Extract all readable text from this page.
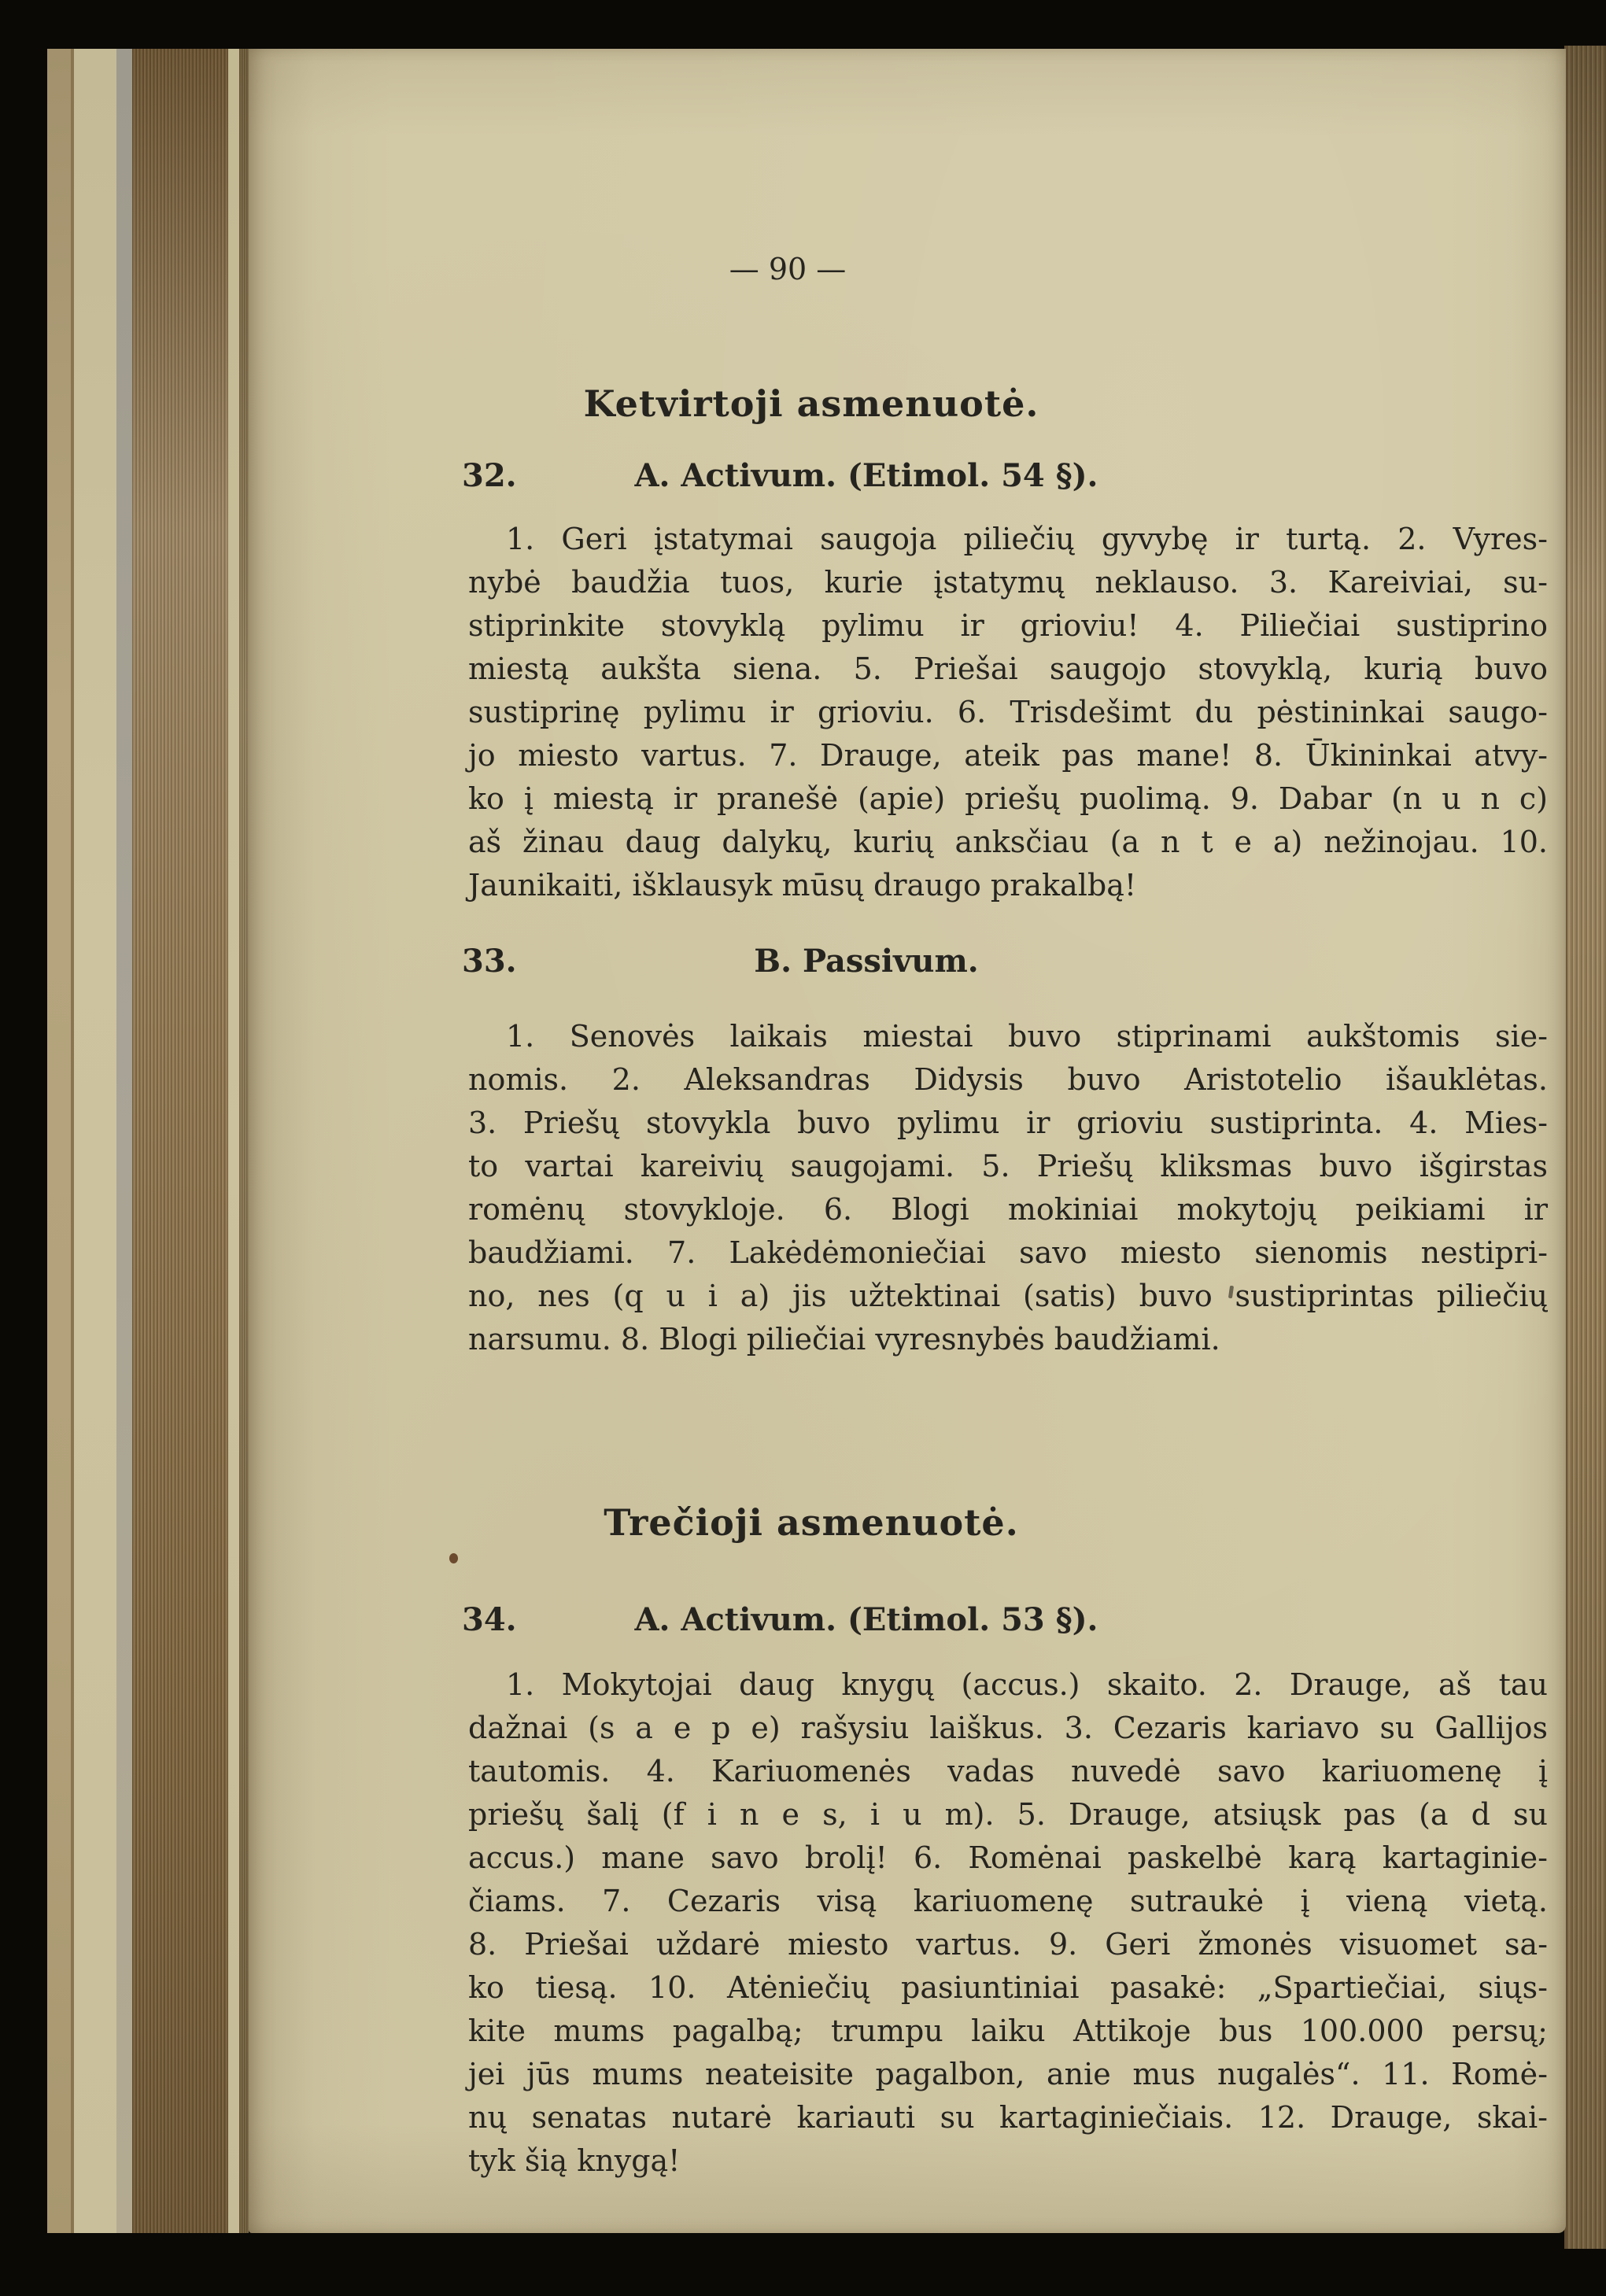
— 90 —
Ketvirtoji asmenuotė.
32.	A. Activum. (Etimol. 54 §).
1. Geri įstatymai saugoja piliečių gyvybę ir turtą. 2. Vyres-
nybė baudžia tuos, kurie įstatymų neklauso. 3. Kareiviai, su-
stiprinkite stovyklą pylimu ir grioviu! 4. Piliečiai sustiprino
miestą aukšta siena. 5. Priešai saugojo stovyklą, kurią buvo
sustiprinę pylimu ir grioviu. 6. Trisdešimt du pėstininkai saugo-
jo miesto vartus. 7. Drauge, ateik pas mane! 8. Ūkininkai atvy-
ko į miestą ir pranešė (apie) priešų puolimą. 9. Dabar (n u n c)
aš žinau daug dalykų, kurių anksčiau (a n t e a) nežinojau. 10.
Jaunikaiti, išklausyk mūsų draugo prakalbą!
33.	B. Passivum.
1. Senovės laikais miestai buvo stiprinami aukštomis sie-
nomis. 2. Aleksandras Didysis buvo Aristotelio išauklėtas.
3. Priešų stovykla buvo pylimu ir grioviu sustiprinta. 4. Mies-
to vartai kareivių saugojami. 5. Priešų kliksmas buvo išgirstas
romėnų stovykloje. 6. Blogi mokiniai mokytojų peikiami ir
baudžiami. 7. Lakėdėmoniečiai savo miesto sienomis nestipri-
no, nes (q u i a) jis užtektinai (satis) buvo sustiprintas piliečių
narsumu. 8. Blogi piliečiai vyresnybės baudžiami.
Trečioji asmenuotė.
34.	A. Activum. (Etimol. 53 §).
1. Mokytojai daug knygų (accus.) skaito. 2. Drauge, aš tau
dažnai (s a e p e) rašysiu laiškus. 3. Cezaris kariavo su Gallijos
tautomis. 4. Kariuomenės vadas nuvedė savo kariuomenę į
priešų šalį (f i n e s, i u m). 5. Drauge, atsiųsk pas (a d su
accus.) mane savo brolį! 6. Romėnai paskelbė karą kartaginie-
čiams. 7. Cezaris visą kariuomenę sutraukė į vieną vietą.
8. Priešai uždarė miesto vartus. 9. Geri žmonės visuomet sa-
ko tiesą. 10. Atėniečių pasiuntiniai pasakė: „Spartiečiai, siųs-
kite mums pagalbą; trumpu laiku Attikoje bus 100.000 persų;
jei jūs mums neateisite pagalbon, anie mus nugalės“. 11. Romė-
nų senatas nutarė kariauti su kartaginiečiais. 12. Drauge, skai-
tyk šią knygą!
